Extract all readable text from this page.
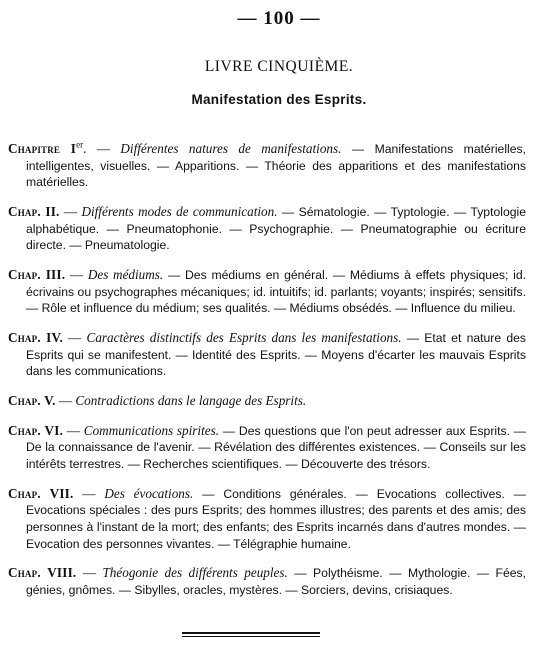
— 100 —
LIVRE CINQUIÈME.
Manifestation des Esprits.

Chapitre Ier. — Différentes natures de manifestations. — Manifestations matérielles, intelligentes, visuelles. — Apparitions. — Théorie des apparitions et des manifestations matérielles.

Chap. II. — Différents modes de communication. — Sématologie. — Typtologie. — Typtologie alphabétique. — Pneumatophonie. — Psychographie. — Pneumatographie ou écriture directe. — Pneumatologie.

Chap. III. — Des médiums. — Des médiums en général. — Médiums à effets physiques; id. écrivains ou psychographes mécaniques; id. intuitifs; id. parlants; voyants; inspirés; sensitifs. — Rôle et influence du médium; ses qualités. — Médiums obsédés. — Influence du milieu.

Chap. IV. — Caractères distinctifs des Esprits dans les manifestations. — Etat et nature des Esprits qui se manifestent. — Identité des Esprits. — Moyens d'écarter les mauvais Esprits dans les communications.

Chap. V. — Contradictions dans le langage des Esprits.

Chap. VI. — Communications spirites. — Des questions que l'on peut adresser aux Esprits. — De la connaissance de l'avenir. — Révélation des différentes existences. — Conseils sur les intérêts terrestres. — Recherches scientifiques. — Découverte des trésors.

Chap. VII. — Des évocations. — Conditions générales. — Evocations collectives. — Evocations spéciales : des purs Esprits; des hommes illustres; des parents et des amis; des personnes à l'instant de la mort; des enfants; des Esprits incarnés dans d'autres mondes. — Evocation des personnes vivantes. — Télégraphie humaine.

Chap. VIII. — Théogonie des différents peuples. — Polythéisme. — Mythologie. — Fées, génies, gnômes. — Sibylles, oracles, mystères. — Sorciers, devins, crisiaques.
